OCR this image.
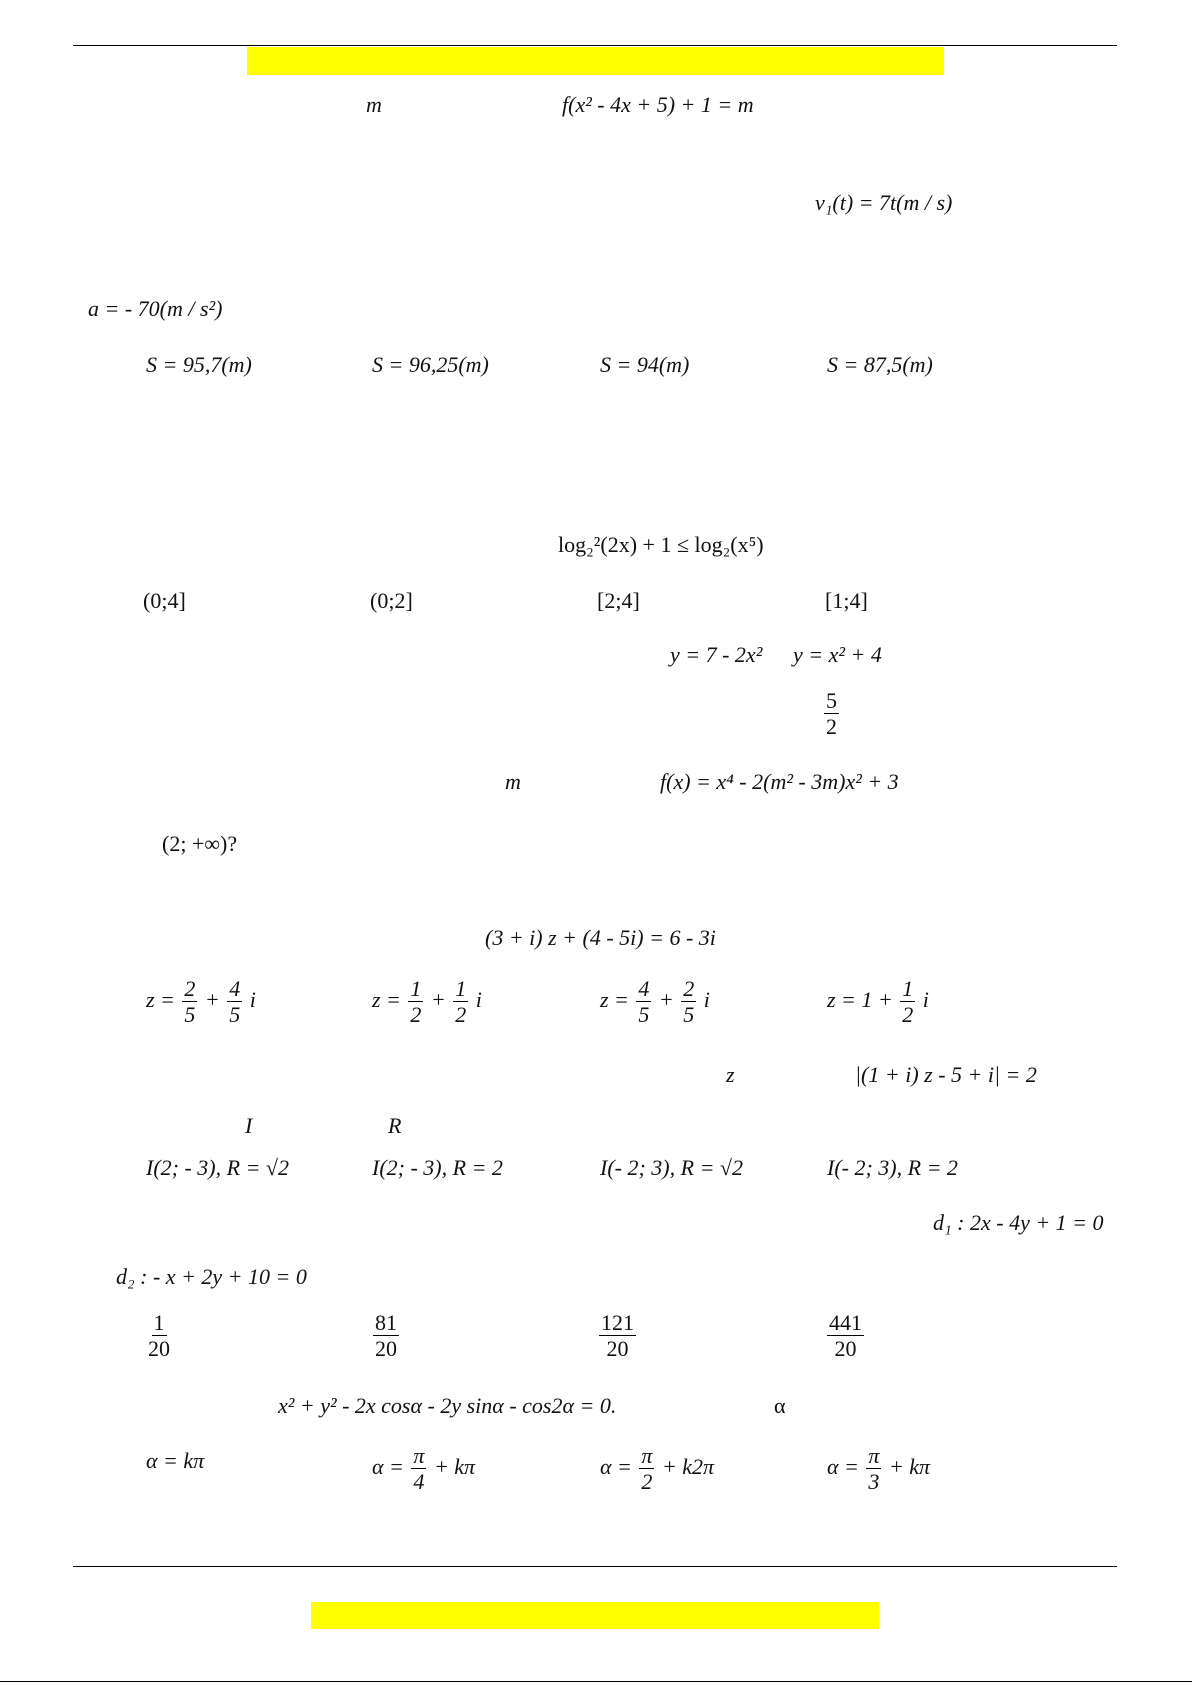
m	f(x² - 4x + 5) + 1 = m
v₁(t) = 7t(m / s)
a = - 70(m / s²)
S = 95,7(m)	S = 96,25(m)	S = 94(m)	S = 87,5(m)
log₂²(2x) + 1 ≤ log₂(x⁵)
(0;4]	(0;2]	[2;4]	[1;4]
y = 7 - 2x² y = x² + 4
$\frac{5}{2}$
m	f(x) = x⁴ - 2(m² - 3m)x² + 3
(2; +∞)?
(3 + i) z + (4 - 5i) = 6 - 3i
$z = \frac{2}{5} + \frac{4}{5}$ i	$z = \frac{1}{2} + \frac{1}{2}$ i	$z = \frac{4}{5} + \frac{2}{5}$ i	$z = 1 + \frac{1}{2}$ i
z	|(1 + i) z - 5 + i| = 2
I	R
I(2; - 3), R = √2	I(2; - 3), R = 2	I(- 2; 3), R = √2	I(- 2; 3), R = 2
d₁ : 2x - 4y + 1 = 0
d₂ : - x + 2y + 10 = 0
$\frac{1}{20}$	$\frac{81}{20}$	$\frac{121}{20}$	$\frac{441}{20}$
x² + y² - 2x cosα - 2y sinα - cos2α = 0.	α
α = kπ	$\alpha = \frac{\pi}{4} + k\pi$	$\alpha = \frac{\pi}{2} + k2\pi$	$\alpha = \frac{\pi}{3} + k\pi$
